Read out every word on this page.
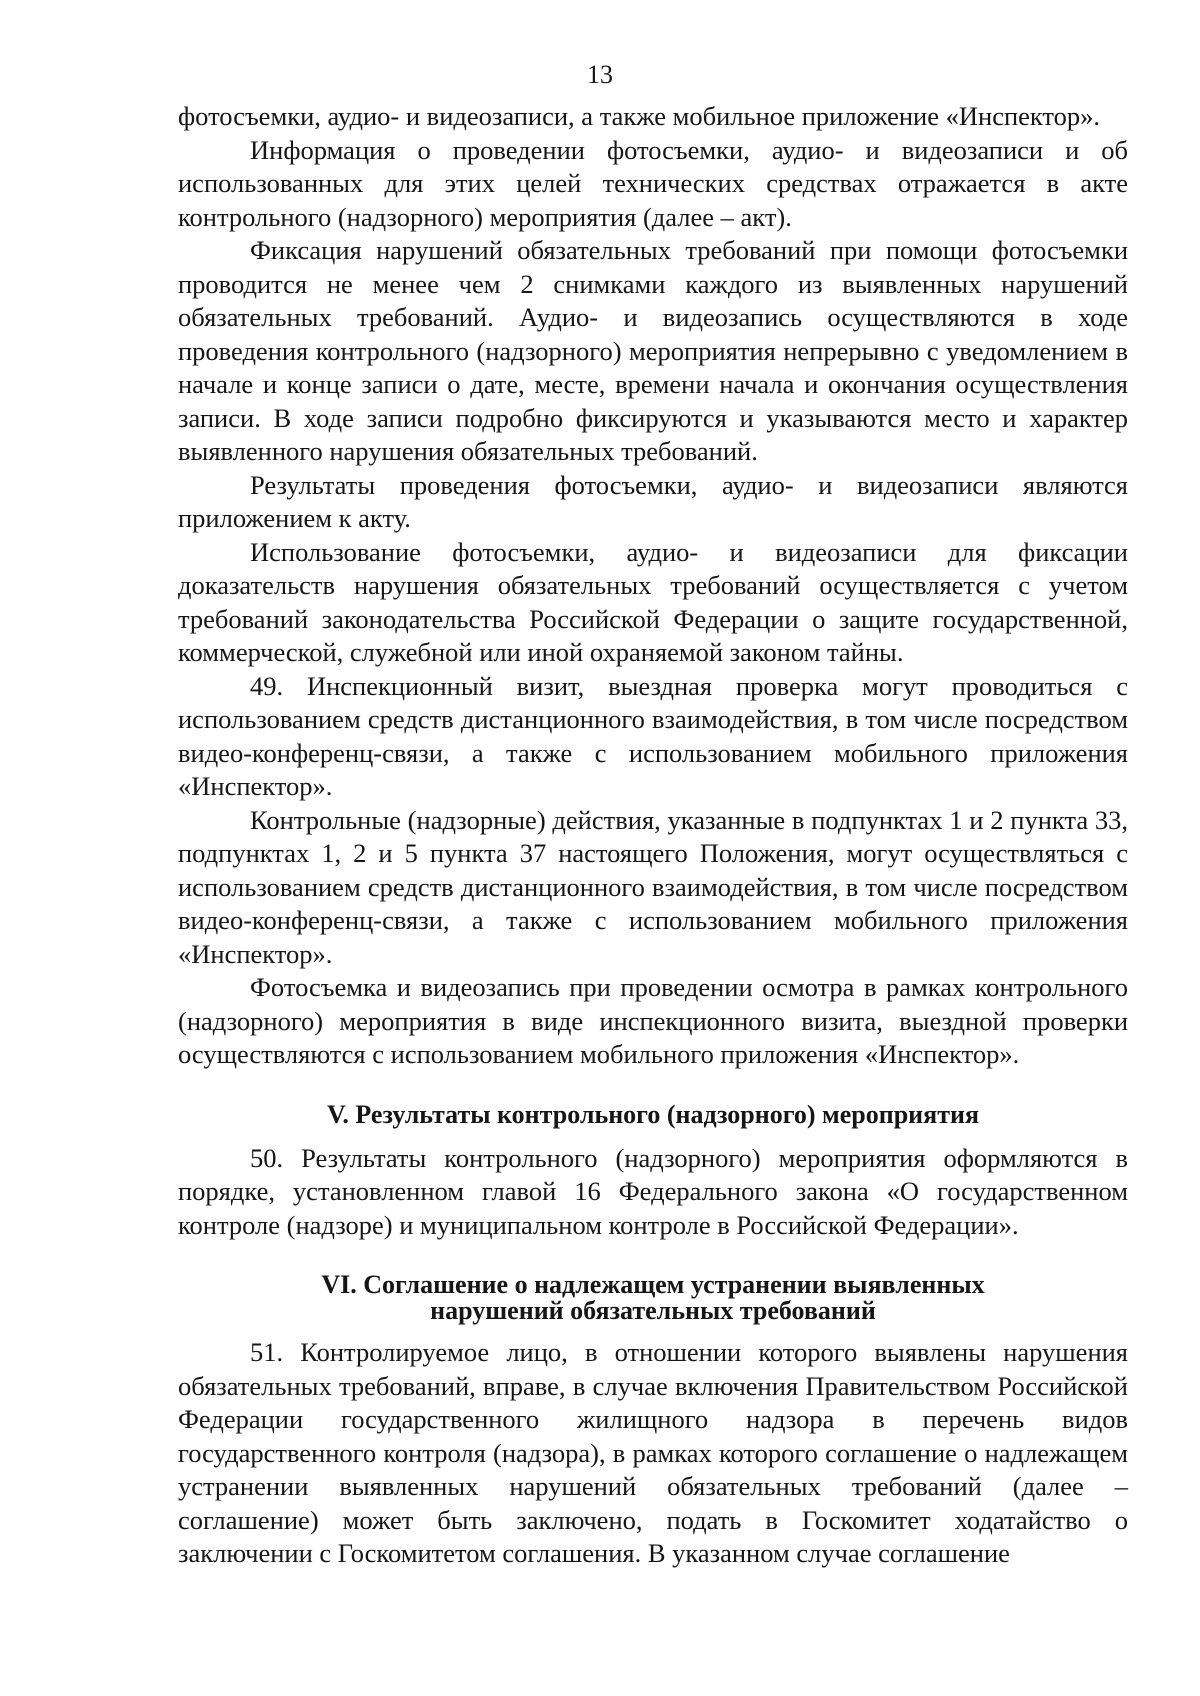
13

фотосъемки, аудио- и видеозаписи, а также мобильное приложение «Инспектор».

Информация о проведении фотосъемки, аудио- и видеозаписи и об использованных для этих целей технических средствах отражается в акте контрольного (надзорного) мероприятия (далее – акт).

Фиксация нарушений обязательных требований при помощи фотосъемки проводится не менее чем 2 снимками каждого из выявленных нарушений обязательных требований. Аудио- и видеозапись осуществляются в ходе проведения контрольного (надзорного) мероприятия непрерывно с уведомлением в начале и конце записи о дате, месте, времени начала и окончания осуществления записи. В ходе записи подробно фиксируются и указываются место и характер выявленного нарушения обязательных требований.

Результаты проведения фотосъемки, аудио- и видеозаписи являются приложением к акту.

Использование фотосъемки, аудио- и видеозаписи для фиксации доказательств нарушения обязательных требований осуществляется с учетом требований законодательства Российской Федерации о защите государственной, коммерческой, служебной или иной охраняемой законом тайны.

49. Инспекционный визит, выездная проверка могут проводиться с использованием средств дистанционного взаимодействия, в том числе посредством видео-конференц-связи, а также с использованием мобильного приложения «Инспектор».

Контрольные (надзорные) действия, указанные в подпунктах 1 и 2 пункта 33, подпунктах 1, 2 и 5 пункта 37 настоящего Положения, могут осуществляться с использованием средств дистанционного взаимодействия, в том числе посредством видео-конференц-связи, а также с использованием мобильного приложения «Инспектор».

Фотосъемка и видеозапись при проведении осмотра в рамках контрольного (надзорного) мероприятия в виде инспекционного визита, выездной проверки осуществляются с использованием мобильного приложения «Инспектор».

V. Результаты контрольного (надзорного) мероприятия

50. Результаты контрольного (надзорного) мероприятия оформляются в порядке, установленном главой 16 Федерального закона «О государственном контроле (надзоре) и муниципальном контроле в Российской Федерации».

VI. Соглашение о надлежащем устранении выявленных
нарушений обязательных требований

51. Контролируемое лицо, в отношении которого выявлены нарушения обязательных требований, вправе, в случае включения Правительством Российской Федерации государственного жилищного надзора в перечень видов государственного контроля (надзора), в рамках которого соглашение о надлежащем устранении выявленных нарушений обязательных требований (далее – соглашение) может быть заключено, подать в Госкомитет ходатайство о заключении с Госкомитетом соглашения. В указанном случае соглашение
